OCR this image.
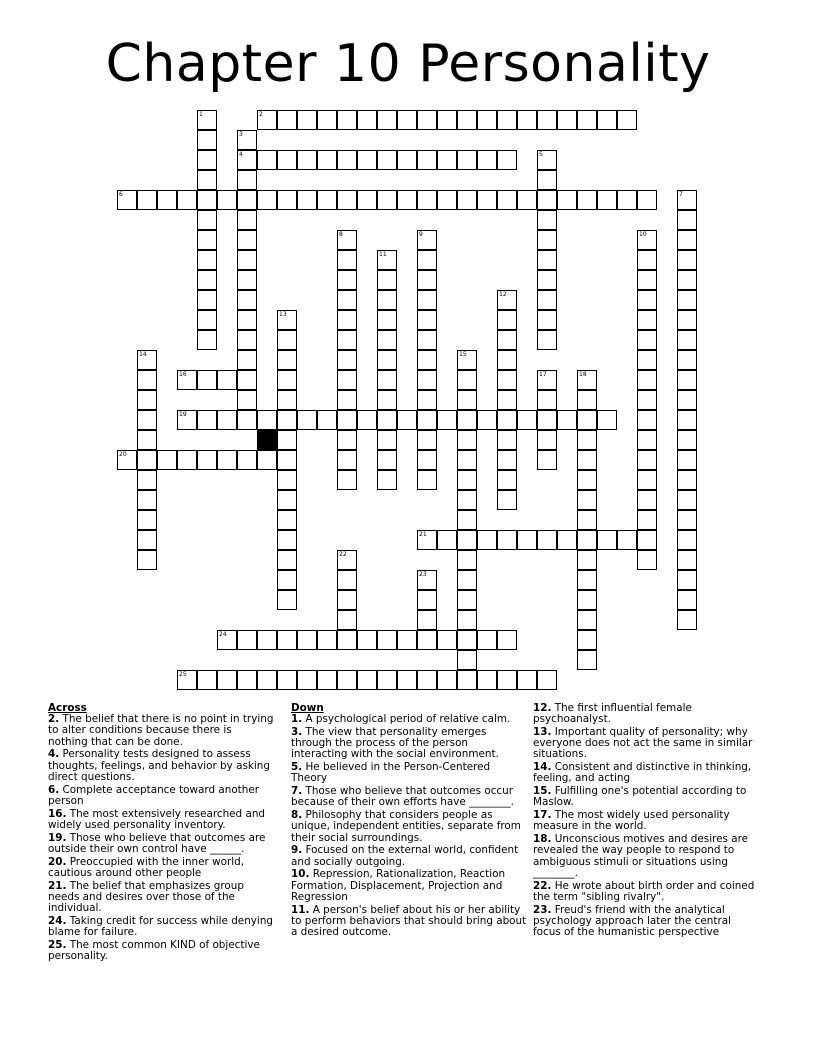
Chapter 10 Personality
1	2
3
4	5
6	7
8	9	10
11
12
13
14	15
16	17	18
19
20
21
22
23
24
25
Across
2. The belief that there is no point in trying to alter conditions because there is nothing that can be done.
4. Personality tests designed to assess thoughts, feelings, and behavior by asking direct questions.
6. Complete acceptance toward another person
16. The most extensively researched and widely used personality inventory.
19. Those who believe that outcomes are outside their own control have ______.
20. Preoccupied with the inner world, cautious around other people
21. The belief that emphasizes group needs and desires over those of the individual.
24. Taking credit for success while denying blame for failure.
25. The most common KIND of objective personality.
Down
1. A psychological period of relative calm.
3. The view that personality emerges through the process of the person interacting with the social environment.
5. He believed in the Person-Centered Theory
7. Those who believe that outcomes occur because of their own efforts have ________.
8. Philosophy that considers people as unique, independent entities, separate from their social surroundings.
9. Focused on the external world, confident and socially outgoing.
10. Repression, Rationalization, Reaction Formation, Displacement, Projection and Regression
11. A person's belief about his or her ability to perform behaviors that should bring about a desired outcome.
12. The first influential female psychoanalyst.
13. Important quality of personality; why everyone does not act the same in similar situations.
14. Consistent and distinctive in thinking, feeling, and acting
15. Fulfilling one's potential according to Maslow.
17. The most widely used personality measure in the world.
18. Unconscious motives and desires are revealed the way people to respond to ambiguous stimuli or situations using ________.
22. He wrote about birth order and coined the term "sibling rivalry".
23. Freud's friend with the analytical psychology approach later the central focus of the humanistic perspective
